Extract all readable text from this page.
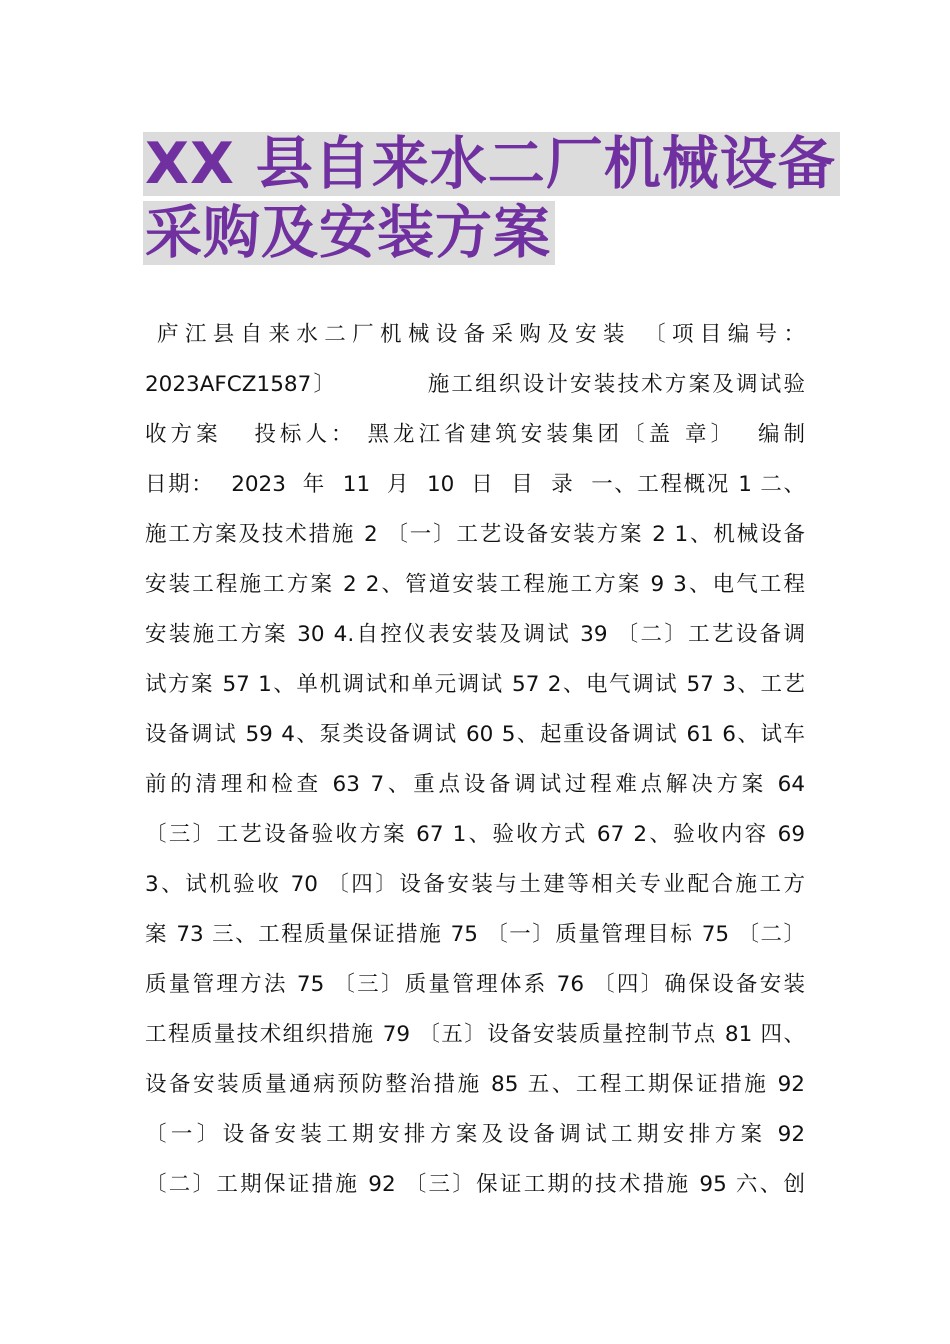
XX 县自来水二厂机械设备
采购及安装方案
庐江县自来水二厂机械设备采购及安装 〔项目编号：
2023AFCZ1587〕          施工组织设计安装技术方案及调试验
收方案   投标人： 黑龙江省建筑安装集团〔盖 章〕  编制
日期：  2023  年  11  月  10  日  目  录  一、工程概况 1 二、
施工方案及技术措施 2 〔一〕工艺设备安装方案 2 1、机械设备
安装工程施工方案 2 2、管道安装工程施工方案 9 3、电气工程
安装施工方案 30 4.自控仪表安装及调试 39 〔二〕工艺设备调
试方案 57 1、单机调试和单元调试 57 2、电气调试 57 3、工艺
设备调试 59 4、泵类设备调试 60 5、起重设备调试 61 6、试车
前的清理和检查 63 7、重点设备调试过程难点解决方案 64
〔三〕工艺设备验收方案 67 1、验收方式 67 2、验收内容 69
3、试机验收 70 〔四〕设备安装与土建等相关专业配合施工方
案 73 三、工程质量保证措施 75 〔一〕质量管理目标 75 〔二〕
质量管理方法 75 〔三〕质量管理体系 76 〔四〕确保设备安装
工程质量技术组织措施 79 〔五〕设备安装质量控制节点 81 四、
设备安装质量通病预防整治措施 85 五、工程工期保证措施 92
〔一〕设备安装工期安排方案及设备调试工期安排方案 92
〔二〕工期保证措施 92 〔三〕保证工期的技术措施 95 六、创
